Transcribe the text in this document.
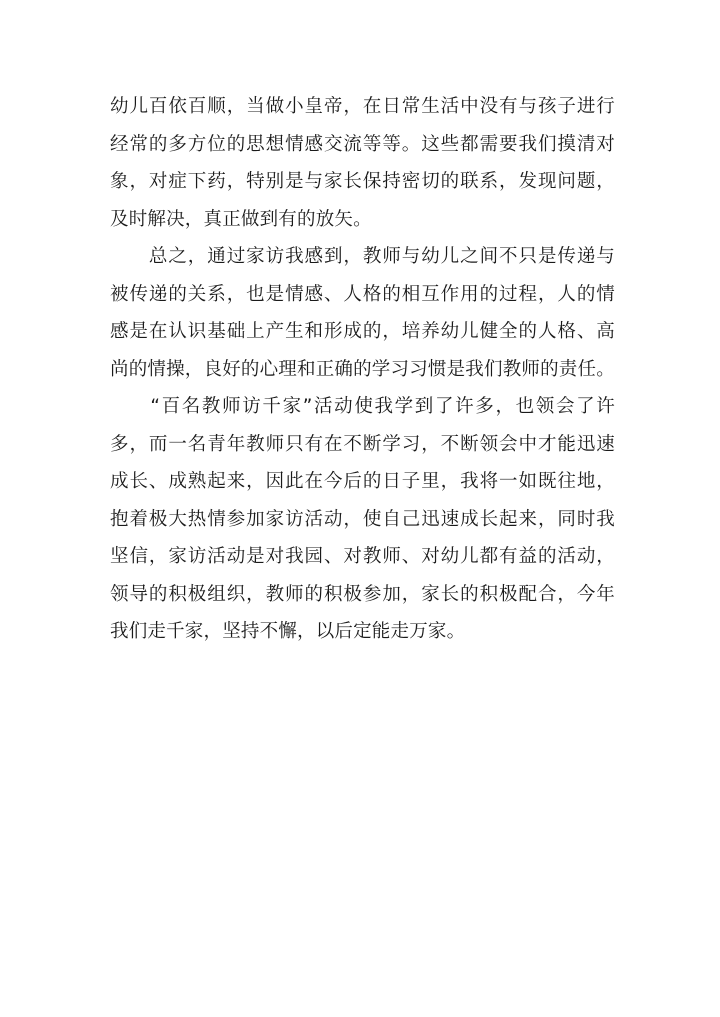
幼儿百依百顺，当做小皇帝，在日常生活中没有与孩子进行
经常的多方位的思想情感交流等等。这些都需要我们摸清对
象，对症下药，特别是与家长保持密切的联系，发现问题，
及时解决，真正做到有的放矢。
　　总之，通过家访我感到，教师与幼儿之间不只是传递与
被传递的关系，也是情感、人格的相互作用的过程，人的情
感是在认识基础上产生和形成的，培养幼儿健全的人格、高
尚的情操，良好的心理和正确的学习习惯是我们教师的责任。
　　“百名教师访千家”活动使我学到了许多，也领会了许
多，而一名青年教师只有在不断学习，不断领会中才能迅速
成长、成熟起来，因此在今后的日子里，我将一如既往地，
抱着极大热情参加家访活动，使自己迅速成长起来，同时我
坚信，家访活动是对我园、对教师、对幼儿都有益的活动，
领导的积极组织，教师的积极参加，家长的积极配合，今年
我们走千家，坚持不懈，以后定能走万家。
